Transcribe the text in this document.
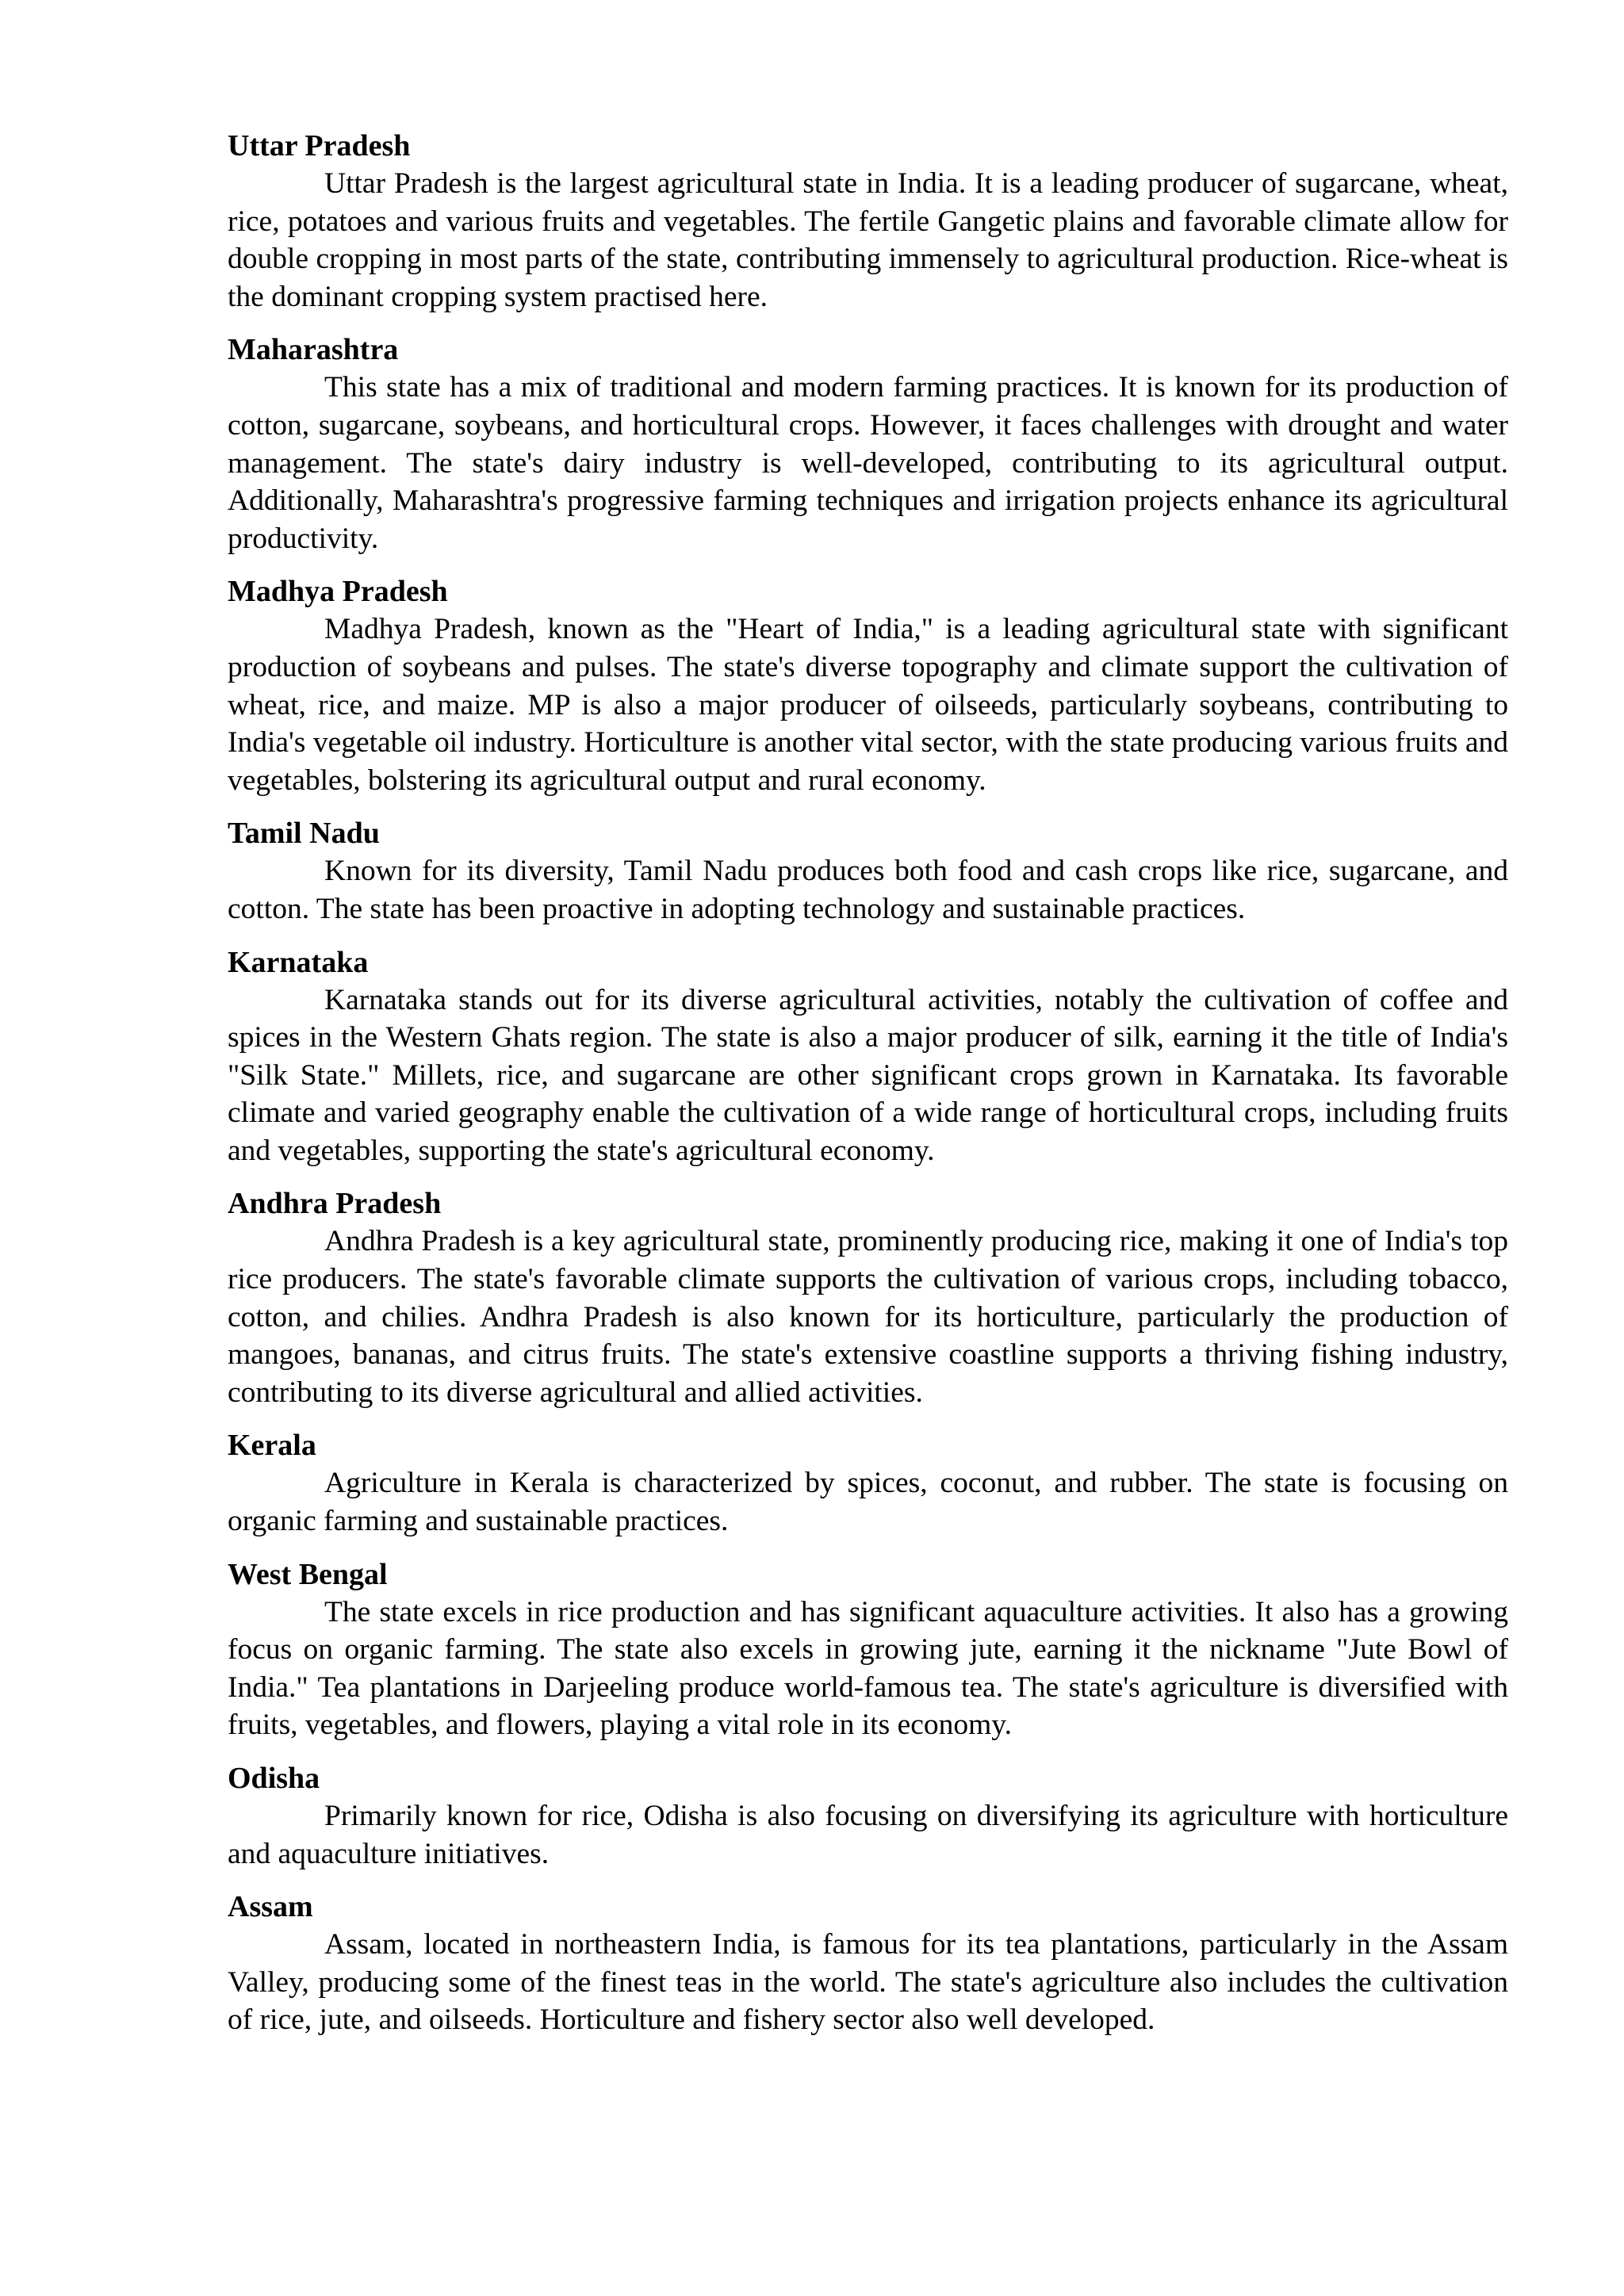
Uttar Pradesh
Uttar Pradesh is the largest agricultural state in India. It is a leading producer of sugarcane, wheat, rice, potatoes and various fruits and vegetables. The fertile Gangetic plains and favorable climate allow for double cropping in most parts of the state, contributing immensely to agricultural production. Rice-wheat is the dominant cropping system practised here.
Maharashtra
This state has a mix of traditional and modern farming practices. It is known for its production of cotton, sugarcane, soybeans, and horticultural crops. However, it faces challenges with drought and water management. The state's dairy industry is well-developed, contributing to its agricultural output. Additionally, Maharashtra's progressive farming techniques and irrigation projects enhance its agricultural productivity.
Madhya Pradesh
Madhya Pradesh, known as the "Heart of India," is a leading agricultural state with significant production of soybeans and pulses. The state's diverse topography and climate support the cultivation of wheat, rice, and maize. MP is also a major producer of oilseeds, particularly soybeans, contributing to India's vegetable oil industry. Horticulture is another vital sector, with the state producing various fruits and vegetables, bolstering its agricultural output and rural economy.
Tamil Nadu
Known for its diversity, Tamil Nadu produces both food and cash crops like rice, sugarcane, and cotton. The state has been proactive in adopting technology and sustainable practices.
Karnataka
Karnataka stands out for its diverse agricultural activities, notably the cultivation of coffee and spices in the Western Ghats region. The state is also a major producer of silk, earning it the title of India's "Silk State." Millets, rice, and sugarcane are other significant crops grown in Karnataka. Its favorable climate and varied geography enable the cultivation of a wide range of horticultural crops, including fruits and vegetables, supporting the state's agricultural economy.
Andhra Pradesh
Andhra Pradesh is a key agricultural state, prominently producing rice, making it one of India's top rice producers. The state's favorable climate supports the cultivation of various crops, including tobacco, cotton, and chilies. Andhra Pradesh is also known for its horticulture, particularly the production of mangoes, bananas, and citrus fruits. The state's extensive coastline supports a thriving fishing industry, contributing to its diverse agricultural and allied activities.
Kerala
Agriculture in Kerala is characterized by spices, coconut, and rubber. The state is focusing on organic farming and sustainable practices.
West Bengal
The state excels in rice production and has significant aquaculture activities. It also has a growing focus on organic farming. The state also excels in growing jute, earning it the nickname "Jute Bowl of India." Tea plantations in Darjeeling produce world-famous tea. The state's agriculture is diversified with fruits, vegetables, and flowers, playing a vital role in its economy.
Odisha
Primarily known for rice, Odisha is also focusing on diversifying its agriculture with horticulture and aquaculture initiatives.
Assam
Assam, located in northeastern India, is famous for its tea plantations, particularly in the Assam Valley, producing some of the finest teas in the world. The state's agriculture also includes the cultivation of rice, jute, and oilseeds. Horticulture and fishery sector also well developed.
